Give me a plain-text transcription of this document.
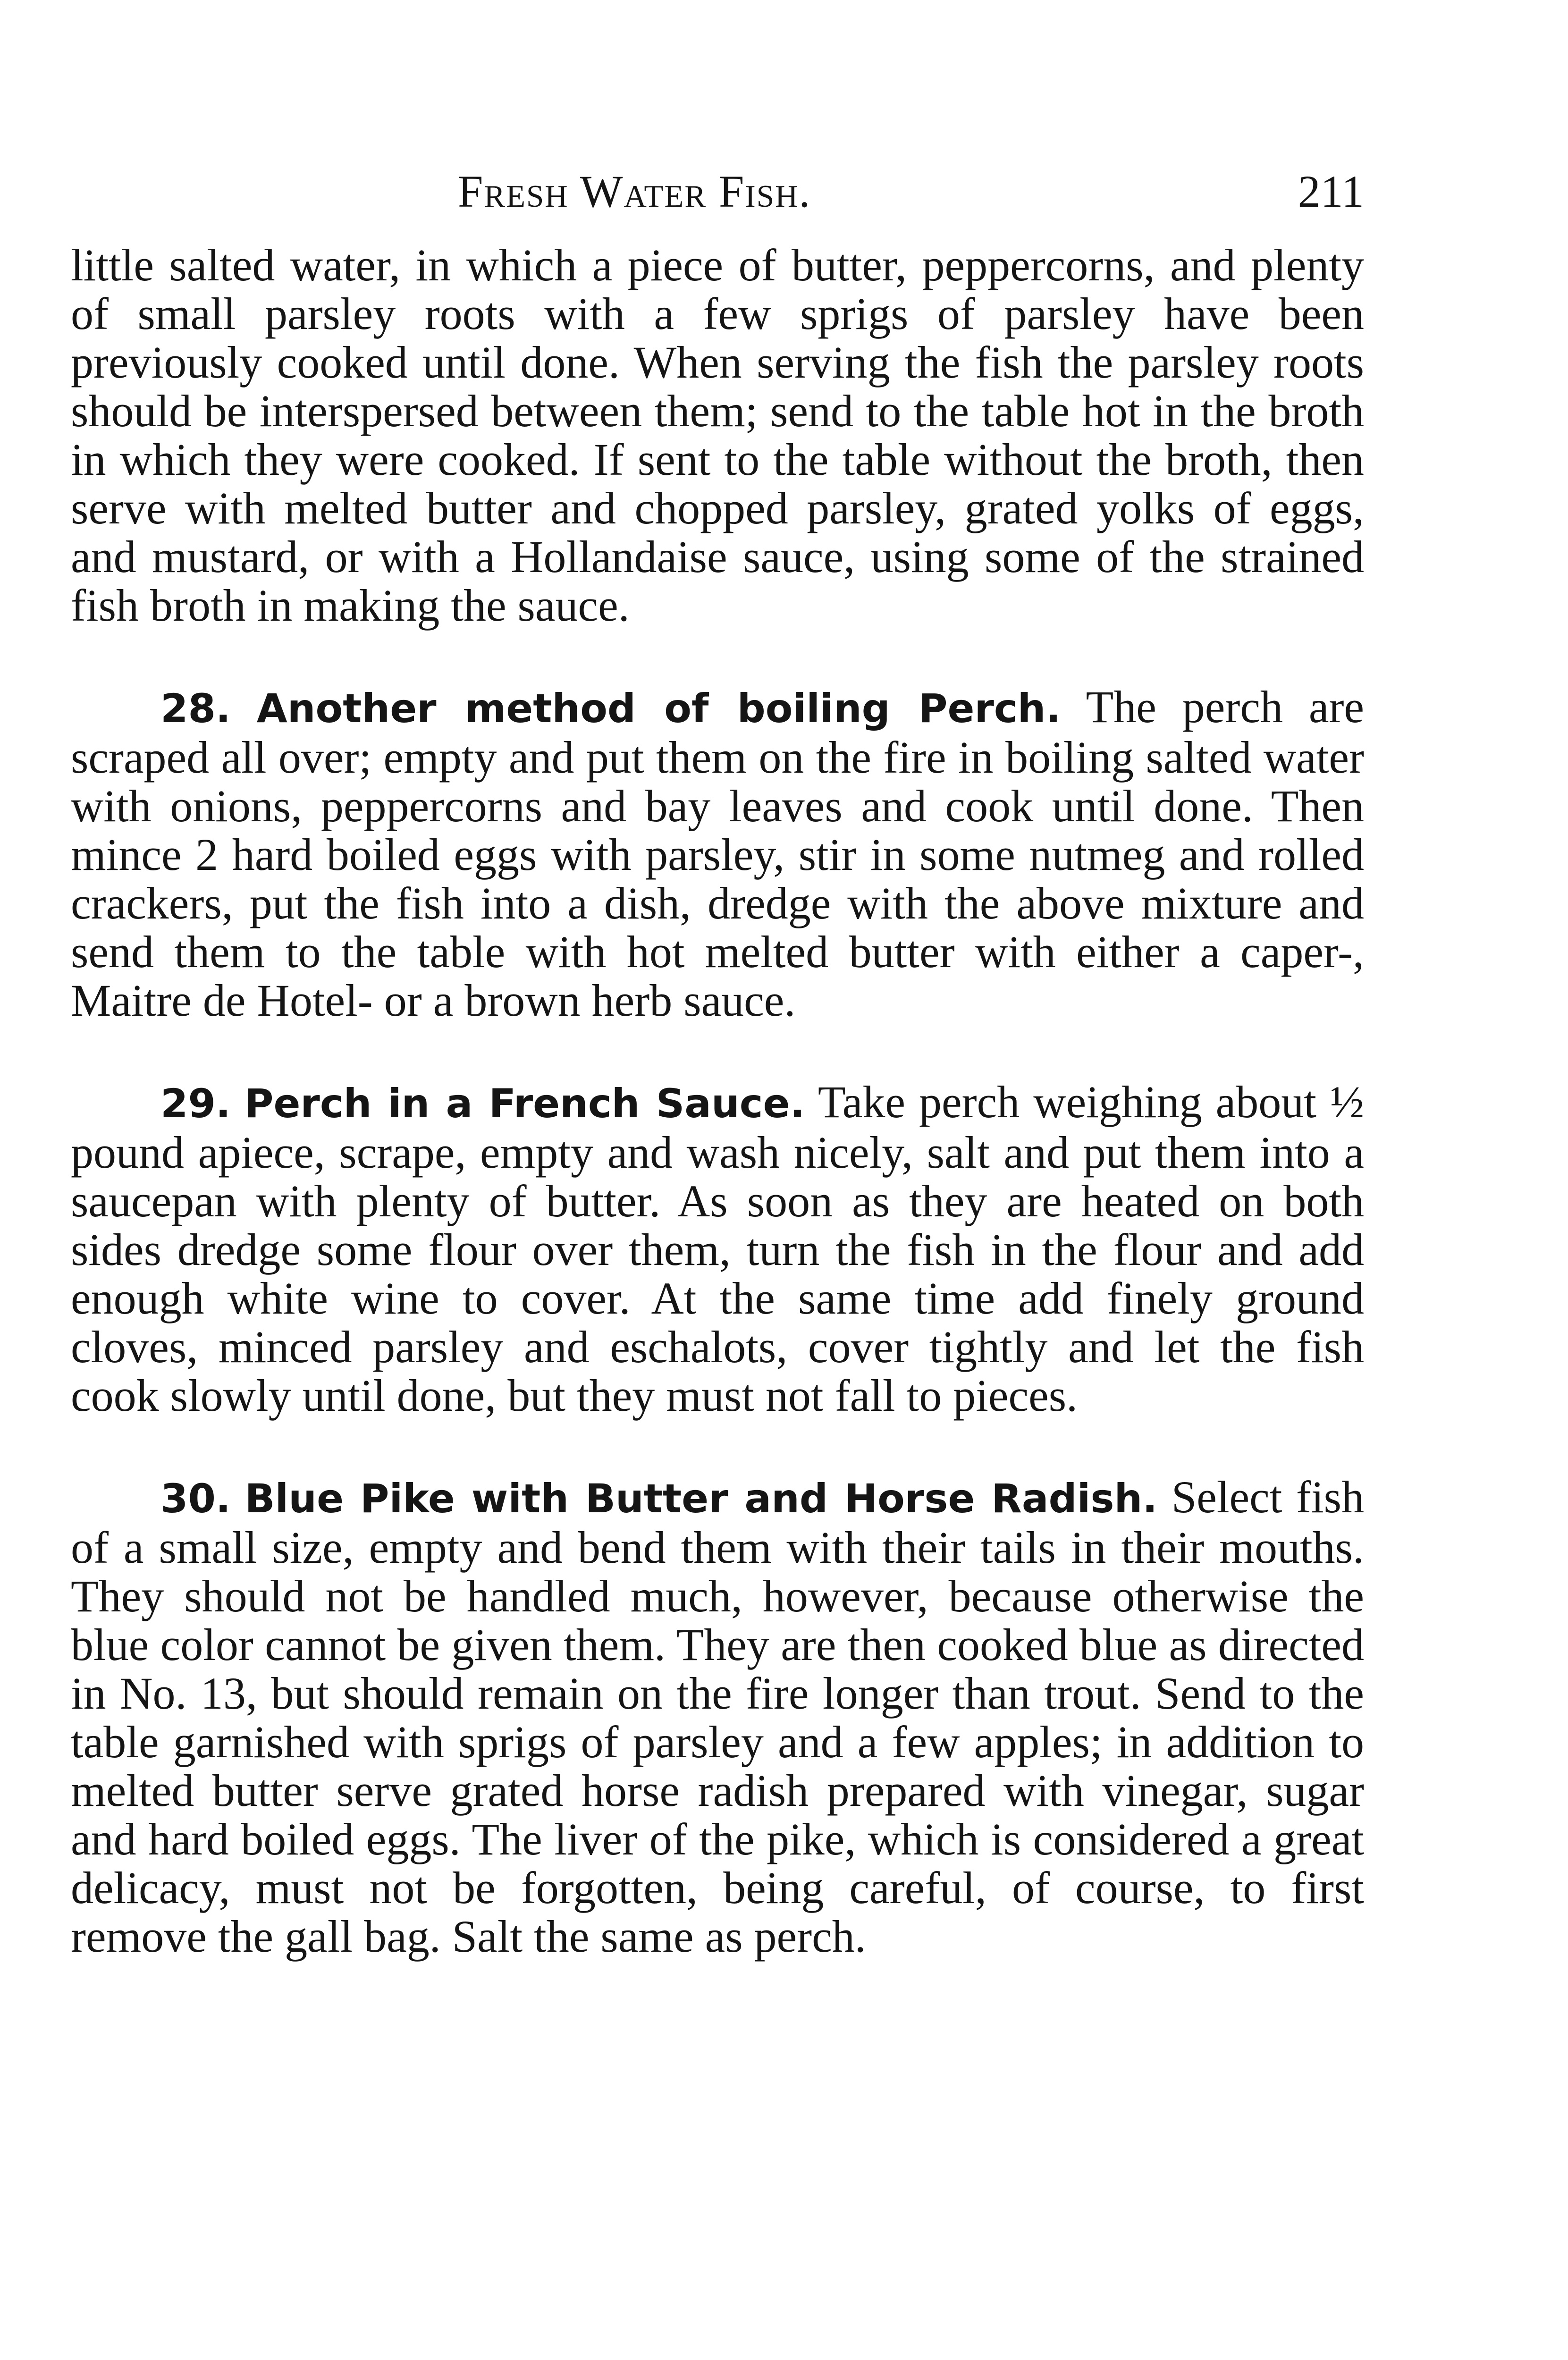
Fresh Water Fish.	211

little salted water, in which a piece of butter, peppercorns, and plenty of small parsley roots with a few sprigs of parsley have been previously cooked until done. When serving the fish the parsley roots should be interspersed between them; send to the table hot in the broth in which they were cooked. If sent to the table without the broth, then serve with melted butter and chopped parsley, grated yolks of eggs, and mustard, or with a Hollandaise sauce, using some of the strained fish broth in making the sauce.

28. Another method of boiling Perch. The perch are scraped all over; empty and put them on the fire in boiling salted water with onions, peppercorns and bay leaves and cook until done. Then mince 2 hard boiled eggs with parsley, stir in some nutmeg and rolled crackers, put the fish into a dish, dredge with the above mixture and send them to the table with hot melted butter with either a caper-, Maitre de Hotel- or a brown herb sauce.

29. Perch in a French Sauce. Take perch weighing about ½ pound apiece, scrape, empty and wash nicely, salt and put them into a saucepan with plenty of butter. As soon as they are heated on both sides dredge some flour over them, turn the fish in the flour and add enough white wine to cover. At the same time add finely ground cloves, minced parsley and eschalots, cover tightly and let the fish cook slowly until done, but they must not fall to pieces.

30. Blue Pike with Butter and Horse Radish. Select fish of a small size, empty and bend them with their tails in their mouths. They should not be handled much, however, because otherwise the blue color cannot be given them. They are then cooked blue as directed in No. 13, but should remain on the fire longer than trout. Send to the table garnished with sprigs of parsley and a few apples; in addition to melted butter serve grated horse radish prepared with vinegar, sugar and hard boiled eggs. The liver of the pike, which is considered a great delicacy, must not be forgotten, being careful, of course, to first remove the gall bag. Salt the same as perch.
